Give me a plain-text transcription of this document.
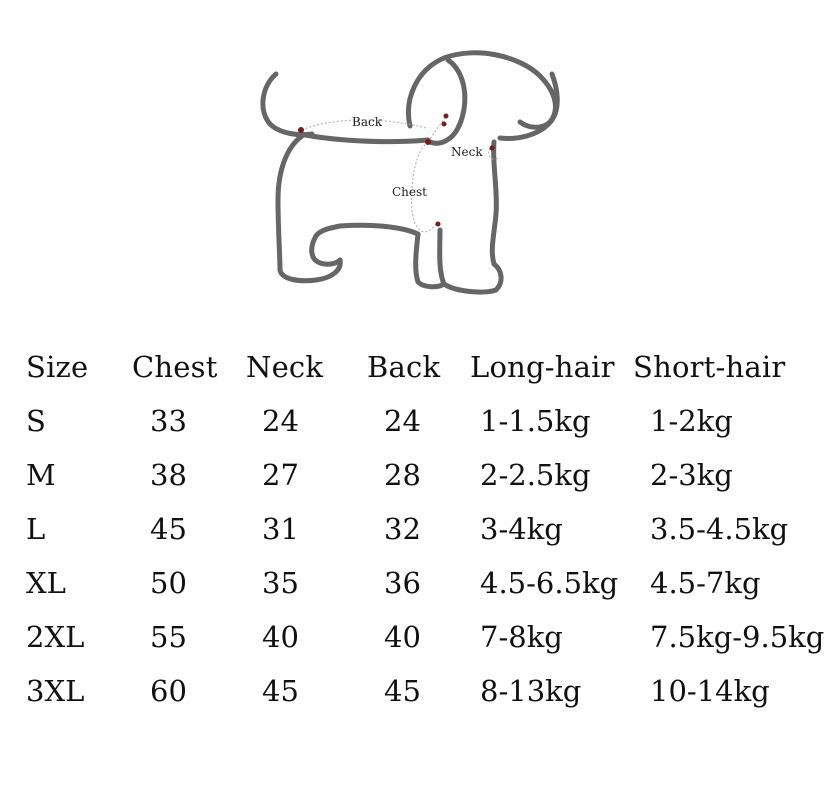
Back
Neck
Chest
Size Chest Neck Back Long-hair Short-hair
S	33	24	24 1-1.5kg 1-2kg
M	38	27	28 2-2.5kg 2-3kg
L	45	31	32 3-4kg	3.5-4.5kg
XL	50	35	36 4.5-6.5kg 4.5-7kg
2XL 55	40	40 7-8kg	7.5kg-9.5kg
3XL 60	45	45 8-13kg 10-14kg
